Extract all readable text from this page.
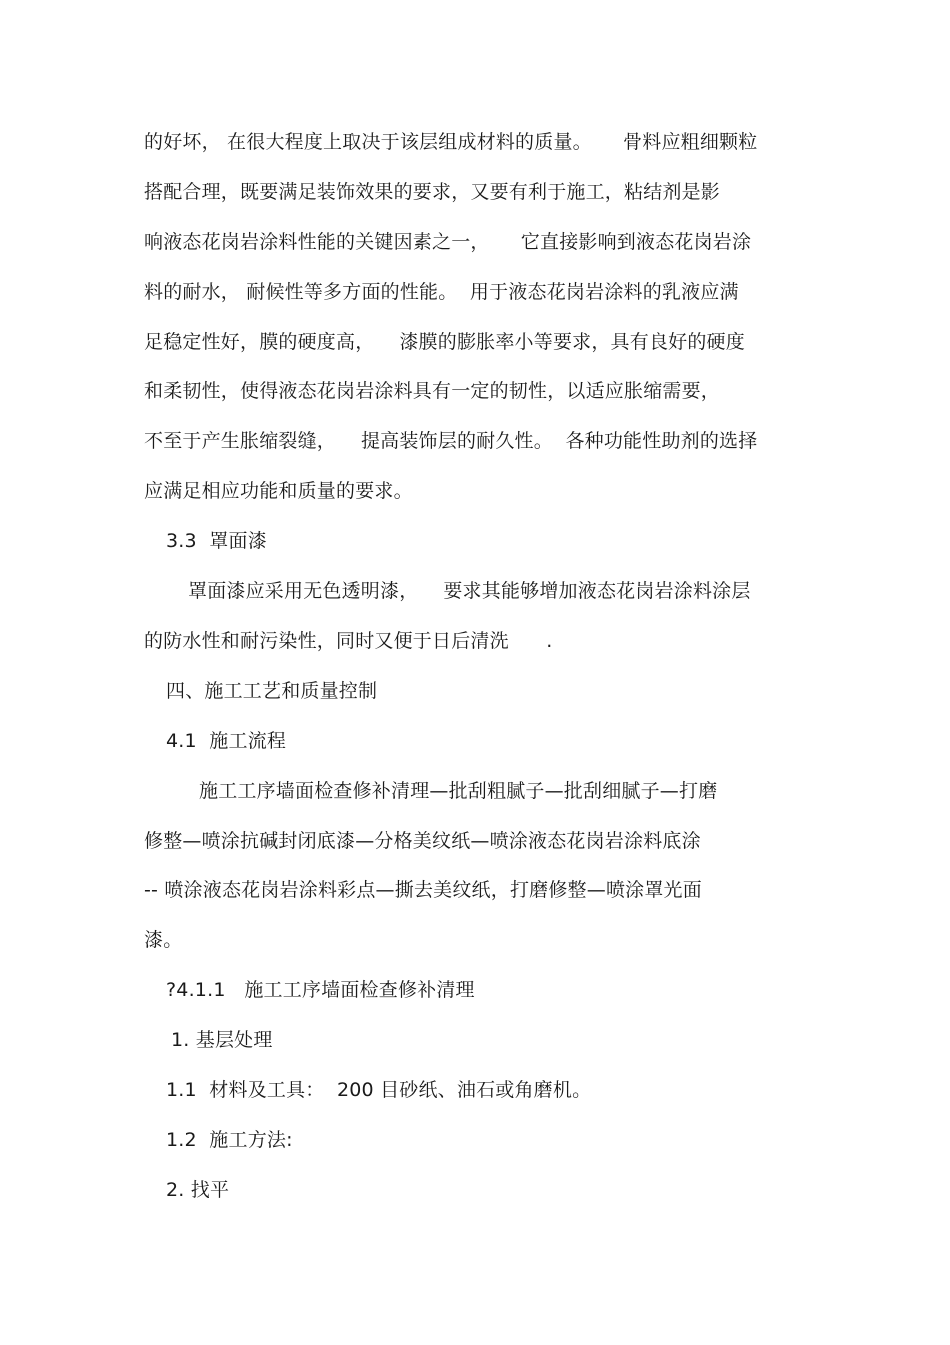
的好坏， 在很大程度上取决于该层组成材料的质量。     骨料应粗细颗粒
搭配合理，既要满足装饰效果的要求，又要有利于施工，粘结剂是影
响液态花岗岩涂料性能的关键因素之一，     它直接影响到液态花岗岩涂
料的耐水， 耐候性等多方面的性能。  用于液态花岗岩涂料的乳液应满
足稳定性好，膜的硬度高，    漆膜的膨胀率小等要求，具有良好的硬度
和柔韧性，使得液态花岗岩涂料具有一定的韧性，以适应胀缩需要，
不至于产生胀缩裂缝，    提高装饰层的耐久性。  各种功能性助剂的选择
应满足相应功能和质量的要求。
3.3  罩面漆
罩面漆应采用无色透明漆，    要求其能够增加液态花岗岩涂料涂层
的防水性和耐污染性，同时又便于日后清洗      .
四、施工工艺和质量控制
4.1  施工流程
施工工序墙面检查修补清理—批刮粗腻子—批刮细腻子—打磨
修整—喷涂抗碱封闭底漆—分格美纹纸—喷涂液态花岗岩涂料底涂
-- 喷涂液态花岗岩涂料彩点—撕去美纹纸，打磨修整—喷涂罩光面
漆。
?4.1.1   施工工序墙面检查修补清理
1. 基层处理
1.1  材料及工具：  200 目砂纸、油石或角磨机。
1.2  施工方法:
2. 找平
